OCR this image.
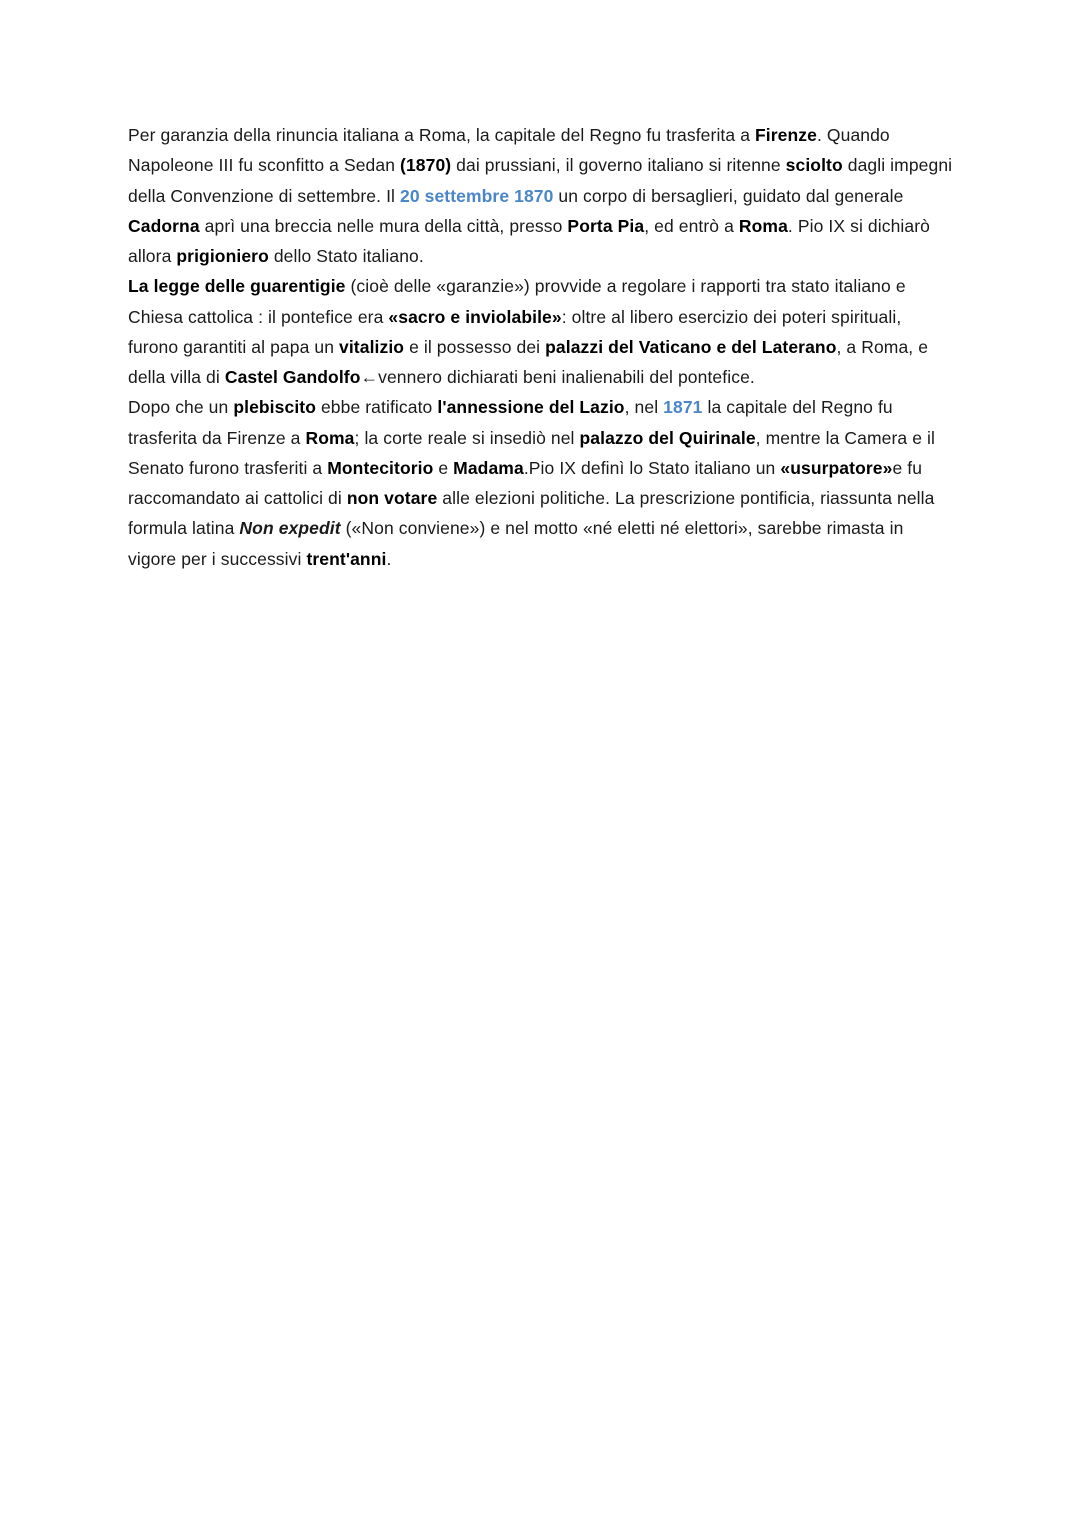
Per garanzia della rinuncia italiana a Roma, la capitale del Regno fu trasferita a Firenze. Quando Napoleone III fu sconfitto a Sedan (1870) dai prussiani, il governo italiano si ritenne sciolto dagli impegni della Convenzione di settembre. Il 20 settembre 1870 un corpo di bersaglieri, guidato dal generale Cadorna aprì una breccia nelle mura della città, presso Porta Pia, ed entrò a Roma. Pio IX si dichiarò allora prigioniero dello Stato italiano.

La legge delle guarentigie (cioè delle «garanzie») provvide a regolare i rapporti tra stato italiano e Chiesa cattolica : il pontefice era «sacro e inviolabile»: oltre al libero esercizio dei poteri spirituali, furono garantiti al papa un vitalizio e il possesso dei palazzi del Vaticano e del Laterano, a Roma, e della villa di Castel Gandolfo←vennero dichiarati beni inalienabili del pontefice.

Dopo che un plebiscito ebbe ratificato l'annessione del Lazio, nel 1871 la capitale del Regno fu trasferita da Firenze a Roma; la corte reale si insediò nel palazzo del Quirinale, mentre la Camera e il Senato furono trasferiti a Montecitorio e Madama.Pio IX definì lo Stato italiano un «usurpatore»e fu raccomandato ai cattolici di non votare alle elezioni politiche. La prescrizione pontificia, riassunta nella formula latina Non expedit («Non conviene») e nel motto «né eletti né elettori», sarebbe rimasta in vigore per i successivi trent'anni.
